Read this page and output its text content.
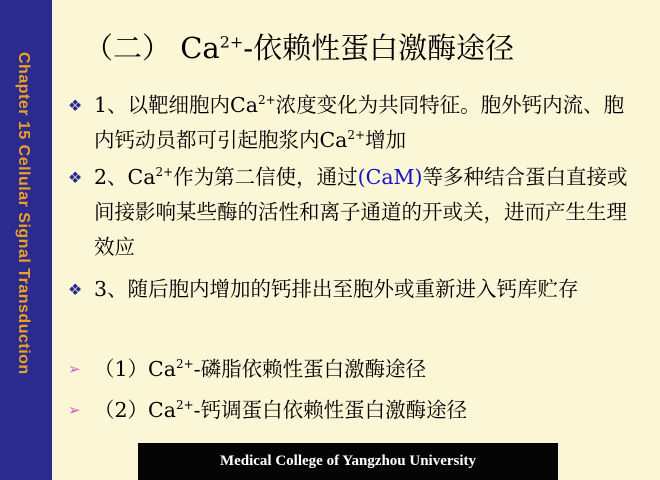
Chapter 15 Cellular Signal Transduction
（二） $Ca^{2+}-$依赖性蛋白激酶途径
❖ 1、以靶细胞内$Ca^{2+}$浓度变化为共同特征。胞外钙内流、胞内钙动员都可引起胞浆内$Ca^{2+}$增加
❖ 2、$Ca^{2+}$作为第二信使，通过(CaM)等多种结合蛋白直接或间接影响某些酶的活性和离子通道的开或关，进而产生生理效应
❖ 3、随后胞内增加的钙排出至胞外或重新进入钙库贮存
➢ $(1)Ca^{2+}-$磷脂依赖性蛋白激酶途径
➢ $(2)Ca^{2+}-$钙调蛋白依赖性蛋白激酶途径
Medical College of Yangzhou University
